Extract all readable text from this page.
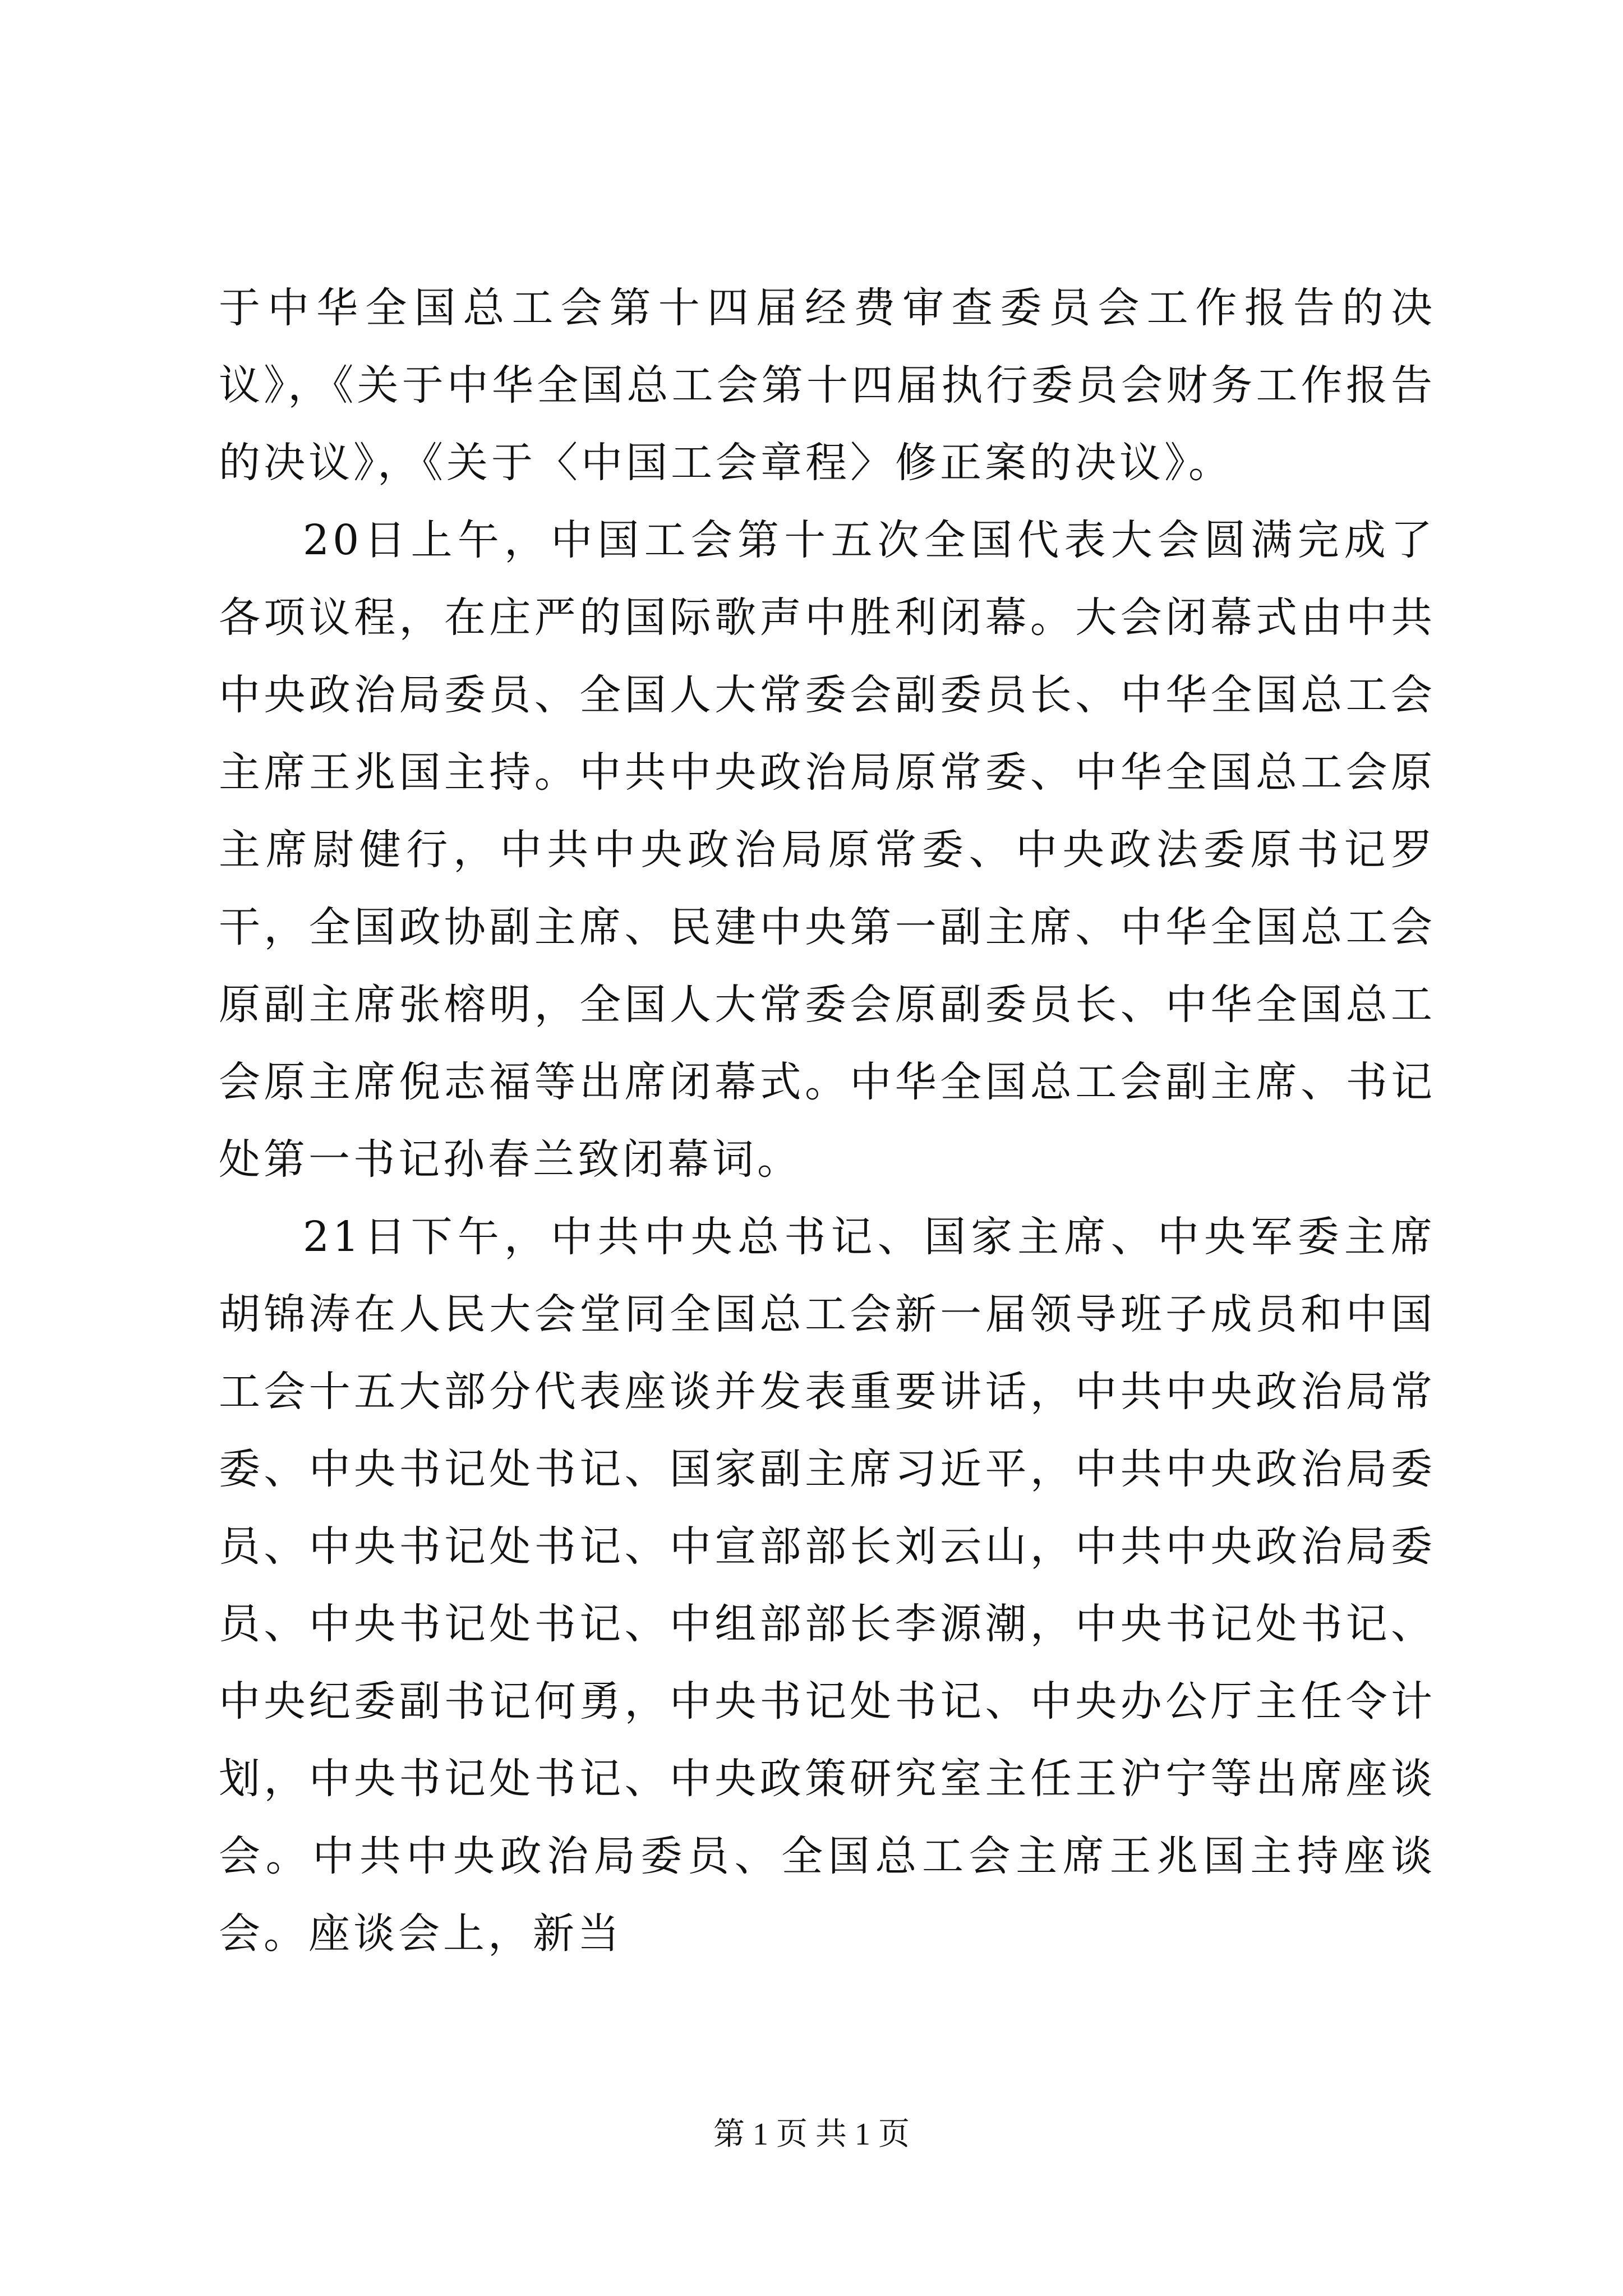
于中华全国总工会第十四届经费审查委员会工作报告的决议》，《关于中华全国总工会第十四届执行委员会财务工作报告的决议》，《关于〈中国工会章程〉修正案的决议》。

20日上午，中国工会第十五次全国代表大会圆满完成了各项议程，在庄严的国际歌声中胜利闭幕。大会闭幕式由中共中央政治局委员、全国人大常委会副委员长、中华全国总工会主席王兆国主持。中共中央政治局原常委、中华全国总工会原主席尉健行，中共中央政治局原常委、中央政法委原书记罗干，全国政协副主席、民建中央第一副主席、中华全国总工会原副主席张榕明，全国人大常委会原副委员长、中华全国总工会原主席倪志福等出席闭幕式。中华全国总工会副主席、书记处第一书记孙春兰致闭幕词。

21日下午，中共中央总书记、国家主席、中央军委主席胡锦涛在人民大会堂同全国总工会新一届领导班子成员和中国工会十五大部分代表座谈并发表重要讲话，中共中央政治局常委、中央书记处书记、国家副主席习近平，中共中央政治局委员、中央书记处书记、中宣部部长刘云山，中共中央政治局委员、中央书记处书记、中组部部长李源潮，中央书记处书记、中央纪委副书记何勇，中央书记处书记、中央办公厅主任令计划，中央书记处书记、中央政策研究室主任王沪宁等出席座谈会。中共中央政治局委员、全国总工会主席王兆国主持座谈会。座谈会上，新当

第 1 页 共 1 页
